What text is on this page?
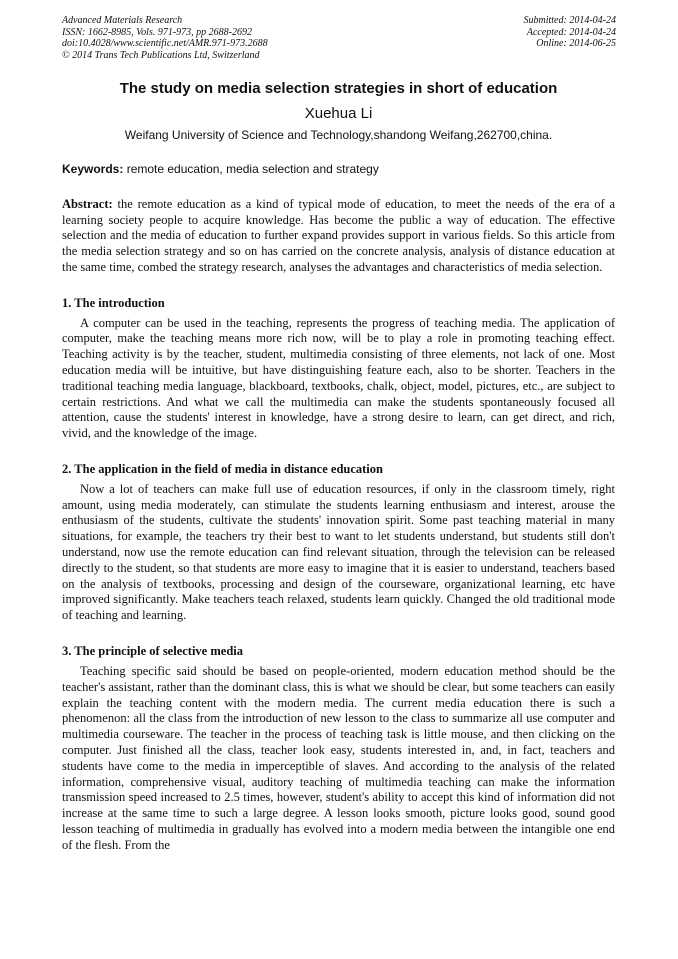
Advanced Materials Research
ISSN: 1662-8985, Vols. 971-973, pp 2688-2692
doi:10.4028/www.scientific.net/AMR.971-973.2688
© 2014 Trans Tech Publications Ltd, Switzerland
Submitted: 2014-04-24
Accepted: 2014-04-24
Online: 2014-06-25
The study on media selection strategies in short of education
Xuehua Li
Weifang University of Science and Technology,shandong Weifang,262700,china.
Keywords: remote education, media selection and strategy
Abstract: the remote education as a kind of typical mode of education, to meet the needs of the era of a learning society people to acquire knowledge. Has become the public a way of education. The effective selection and the media of education to further expand provides support in various fields. So this article from the media selection strategy and so on has carried on the concrete analysis, analysis of distance education at the same time, combed the strategy research, analyses the advantages and characteristics of media selection.
1. The introduction
A computer can be used in the teaching, represents the progress of teaching media. The application of computer, make the teaching means more rich now, will be to play a role in promoting teaching effect. Teaching activity is by the teacher, student, multimedia consisting of three elements, not lack of one. Most education media will be intuitive, but have distinguishing feature each, also to be shorter. Teachers in the traditional teaching media language, blackboard, textbooks, chalk, object, model, pictures, etc., are subject to certain restrictions. And what we call the multimedia can make the students spontaneously focused all attention, cause the students' interest in knowledge, have a strong desire to learn, can get direct, and rich, vivid, and the knowledge of the image.
2. The application in the field of media in distance education
Now a lot of teachers can make full use of education resources, if only in the classroom timely, right amount, using media moderately, can stimulate the students learning enthusiasm and interest, arouse the enthusiasm of the students, cultivate the students' innovation spirit. Some past teaching material in many situations, for example, the teachers try their best to want to let students understand, but students still don't understand, now use the remote education can find relevant situation, through the television can be released directly to the student, so that students are more easy to imagine that it is easier to understand, teachers based on the analysis of textbooks, processing and design of the courseware, organizational learning, etc have improved significantly. Make teachers teach relaxed, students learn quickly. Changed the old traditional mode of teaching and learning.
3. The principle of selective media
Teaching specific said should be based on people-oriented, modern education method should be the teacher's assistant, rather than the dominant class, this is what we should be clear, but some teachers can easily explain the teaching content with the modern media. The current media education there is such a phenomenon: all the class from the introduction of new lesson to the class to summarize all use computer and multimedia courseware. The teacher in the process of teaching task is little mouse, and then clicking on the computer. Just finished all the class, teacher look easy, students interested in, and, in fact, teachers and students have come to the media in imperceptible of slaves. And according to the analysis of the related information, comprehensive visual, auditory teaching of multimedia teaching can make the information transmission speed increased to 2.5 times, however, student's ability to accept this kind of information did not increase at the same time to such a large degree. A lesson looks smooth, picture looks good, sound good lesson teaching of multimedia in gradually has evolved into a modern media between the intangible one end of the flesh. From the
